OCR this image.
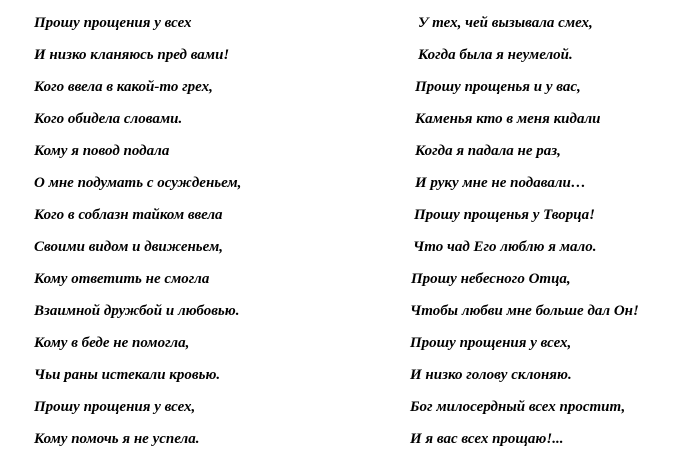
Прошу прощения у всех
И низко кланяюсь пред вами!
Кого ввела в какой-то грех,
Кого обидела словами.
Кому я повод подала
О мне подумать с осужденьем,
Кого в соблазн тайком ввела
Своими видом и движеньем,
Кому ответить не смогла
Взаимной дружбой и любовью.
Кому в беде не помогла,
Чьи раны истекали кровью.
Прошу прощения у всех,
Кому помочь я не успела.
У тех, чей вызывала смех,
Когда была я неумелой.
Прошу прощенья и у вас,
Каменья кто в меня кидали
Когда я падала не раз,
И руку мне не подавали…
Прошу прощенья у Творца!
Что чад Его люблю я мало.
Прошу небесного Отца,
Чтобы любви мне больше дал Он!
Прошу прощения у всех,
И низко голову склоняю.
Бог милосердный всех простит,
И я вас всех прощаю!...
